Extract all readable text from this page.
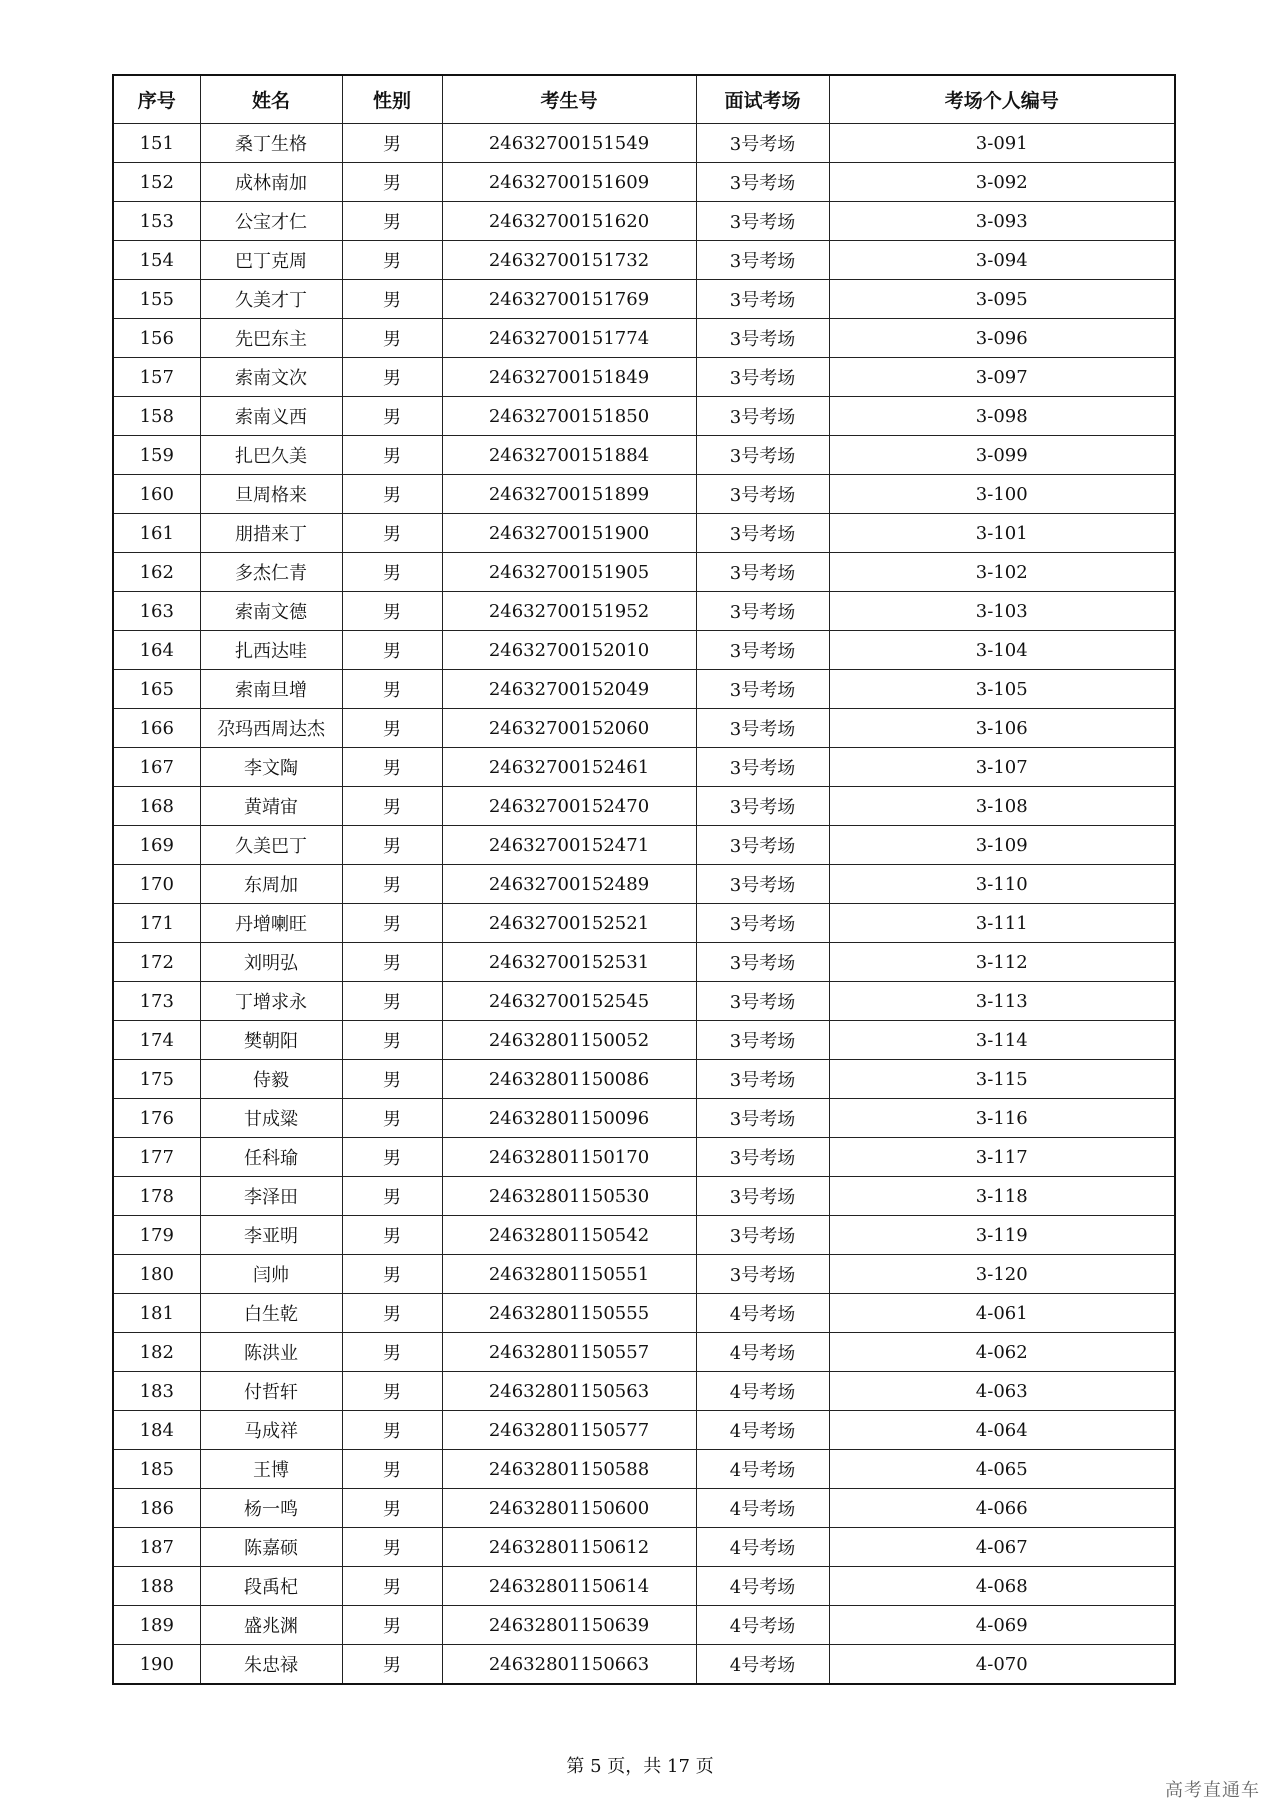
序号	姓名	性别	考生号	面试考场	考场个人编号
151	桑丁生格	男	24632700151549	3号考场	3-091
152	成林南加	男	24632700151609	3号考场	3-092
153	公宝才仁	男	24632700151620	3号考场	3-093
154	巴丁克周	男	24632700151732	3号考场	3-094
155	久美才丁	男	24632700151769	3号考场	3-095
156	先巴东主	男	24632700151774	3号考场	3-096
157	索南文次	男	24632700151849	3号考场	3-097
158	索南义西	男	24632700151850	3号考场	3-098
159	扎巴久美	男	24632700151884	3号考场	3-099
160	旦周格来	男	24632700151899	3号考场	3-100
161	朋措来丁	男	24632700151900	3号考场	3-101
162	多杰仁青	男	24632700151905	3号考场	3-102
163	索南文德	男	24632700151952	3号考场	3-103
164	扎西达哇	男	24632700152010	3号考场	3-104
165	索南旦增	男	24632700152049	3号考场	3-105
166	尕玛西周达杰	男	24632700152060	3号考场	3-106
167	李文陶	男	24632700152461	3号考场	3-107
168	黄靖宙	男	24632700152470	3号考场	3-108
169	久美巴丁	男	24632700152471	3号考场	3-109
170	东周加	男	24632700152489	3号考场	3-110
171	丹增喇旺	男	24632700152521	3号考场	3-111
172	刘明弘	男	24632700152531	3号考场	3-112
173	丁增求永	男	24632700152545	3号考场	3-113
174	樊朝阳	男	24632801150052	3号考场	3-114
175	侍毅	男	24632801150086	3号考场	3-115
176	甘成粱	男	24632801150096	3号考场	3-116
177	任科瑜	男	24632801150170	3号考场	3-117
178	李泽田	男	24632801150530	3号考场	3-118
179	李亚明	男	24632801150542	3号考场	3-119
180	闫帅	男	24632801150551	3号考场	3-120
181	白生乾	男	24632801150555	4号考场	4-061
182	陈洪业	男	24632801150557	4号考场	4-062
183	付哲轩	男	24632801150563	4号考场	4-063
184	马成祥	男	24632801150577	4号考场	4-064
185	王博	男	24632801150588	4号考场	4-065
186	杨一鸣	男	24632801150600	4号考场	4-066
187	陈嘉硕	男	24632801150612	4号考场	4-067
188	段禹杞	男	24632801150614	4号考场	4-068
189	盛兆渊	男	24632801150639	4号考场	4-069
190	朱忠禄	男	24632801150663	4号考场	4-070
第 5 页，共 17 页
高考直通车
